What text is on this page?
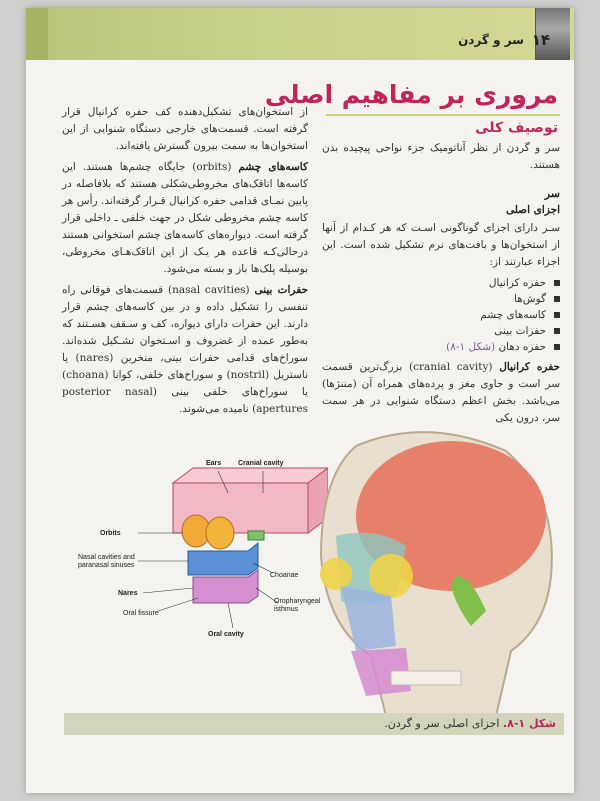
سر و گردن ۱۴
مروری بر مفاهیم اصلی
توصیف کلی

سر و گردن از نظر آناتومیک جزء نواحی پیچیده بدن هستند.

سر
اجزای اصلی

سـر دارای اجزای گوناگونی اسـت که هر کـدام از آنها از استخوان‌ها و بافت‌های نرم تشکیل شده است. این اجزاء عبارتند از:

حفره کرانیال
گوش‌ها
کاسه‌های چشم
حفرات بینی
حفره دهان (شکل ۱-۸)

حفره کرانیال (cranial cavity) بزرگ‌ترین قسمت سر است و حاوی مغز و پرده‌های همراه آن (مننژها) می‌باشد. بخش اعظم دستگاه شنوایی در هر سمت سر، درون یکی

از استخوان‌های تشکیل‌دهنده کف حفره کرانیال قرار گرفته است. قسمت‌های خارجی دستگاه شنوایی از این استخوان‌ها به سمت بیرون گسترش یافته‌اند.

کاسه‌های چشم (orbits) جایگاه چشم‌ها هستند. این کاسه‌ها اتاقک‌های مخروطی‌شکلی هستند که بلافاصله در پایین نمـای قدامی حفره کرانیال قـرار گرفته‌اند. رأس هر کاسه چشم مخروطی شکل در جهت خلفی ـ داخلی قرار گرفته است. دیواره‌های کاسه‌های چشم استخوانی هستند درحالی‌کـه قاعده هر یـک از این اتاقک‌هـای مخروطی، بوسیله پلک‌ها باز و بسته می‌شود.

حفرات بینی (nasal cavities) قسمت‌های فوقانی راه تنفسی را تشکیل داده و در بین کاسه‌های چشم قرار دارند. این حفرات دارای دیواره، کف و سـقف هسـتند که به‌طور عمده از غضروف و اسـتخوان تشـکیل شده‌اند. سوراخ‌های قدامی حفرات بینی، منخرین (nares) یا ناستریل (nostril) و سوراخ‌های خلفی، کوانا (choana) یا سوراخ‌های خلفی بینی (posterior nasal apertures) نامیده می‌شوند.

Ears Cranial cavity
Orbits
Nasal cavities and
paranasal sinuses
Nares
Oral fissure
Oral cavity
Choanae
Oropharyngeal
isthmus
شکل ۱-۸. اجزای اصلی سر و گردن.
